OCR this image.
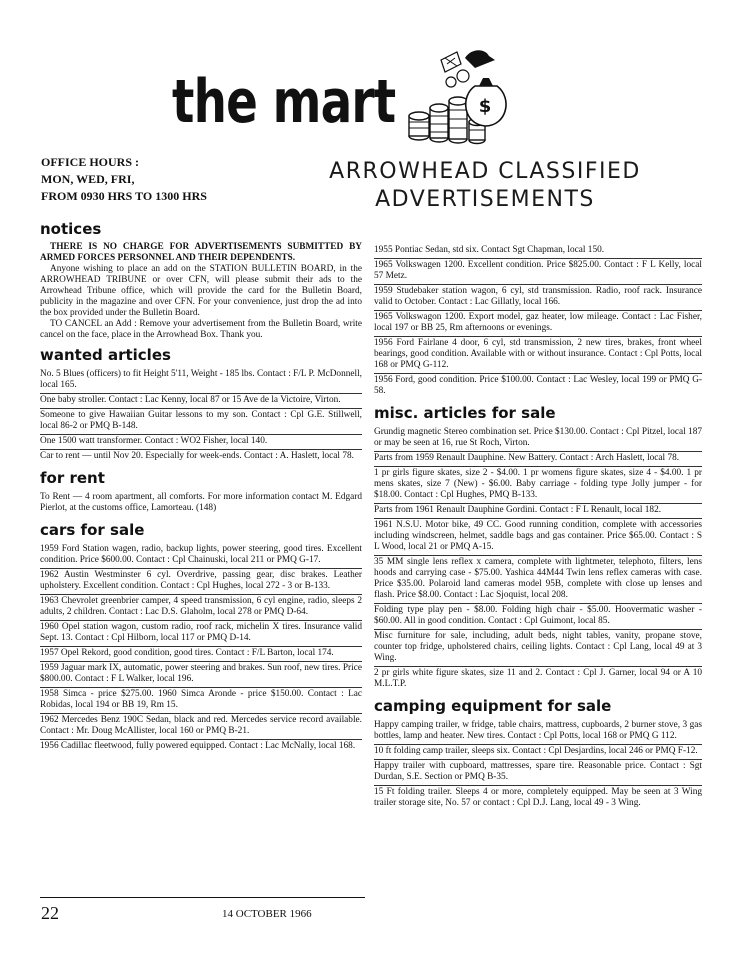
the mart	$
OFFICE HOURS :
MON, WED, FRI,
FROM 0930 HRS TO 1300 HRS
ARROWHEAD CLASSIFIED
ADVERTISEMENTS
notices

THERE IS NO CHARGE FOR ADVERTISEMENTS SUBMITTED BY ARMED FORCES PERSONNEL AND THEIR DEPENDENTS.

Anyone wishing to place an add on the STATION BULLETIN BOARD, in the ARROWHEAD TRIBUNE or over CFN, will please submit their ads to the Arrowhead Tribune office, which will provide the card for the Bulletin Board, publicity in the magazine and over CFN. For your convenience, just drop the ad into the box provided under the Bulletin Board.

TO CANCEL an Add : Remove your advertisement from the Bulletin Board, write cancel on the face, place in the Arrowhead Box. Thank you.

wanted articles
No. 5 Blues (officers) to fit Height 5'11, Weight - 185 lbs. Contact : F/L P. McDonnell, local 165.
One baby stroller. Contact : Lac Kenny, local 87 or 15 Ave de la Victoire, Virton.
Someone to give Hawaiian Guitar lessons to my son. Contact : Cpl G.E. Stillwell, local 86-2 or PMQ B-148.
One 1500 watt transformer. Contact : WO2 Fisher, local 140.
Car to rent — until Nov 20. Especially for week-ends. Contact : A. Haslett, local 78.
for rent
To Rent — 4 room apartment, all comforts. For more information contact M. Edgard Pierlot, at the customs office, Lamorteau. (148)
cars for sale
1959 Ford Station wagen, radio, backup lights, power steering, good tires. Excellent condition. Price $600.00. Contact : Cpl Chainuski, local 211 or PMQ G-17.
1962 Austin Westminster 6 cyl. Overdrive, passing gear, disc brakes. Leather upholstery. Excellent condition. Contact : Cpl Hughes, local 272 - 3 or B-133.
1963 Chevrolet greenbrier camper, 4 speed transmission, 6 cyl engine, radio, sleeps 2 adults, 2 children. Contact : Lac D.S. Glaholm, local 278 or PMQ D-64.
1960 Opel station wagon, custom radio, roof rack, michelin X tires. Insurance valid Sept. 13. Contact : Cpl Hilborn, local 117 or PMQ D-14.
1957 Opel Rekord, good condition, good tires. Contact : F/L Barton, local 174.
1959 Jaguar mark IX, automatic, power steering and brakes. Sun roof, new tires. Price $800.00. Contact : F L Walker, local 196.
1958 Simca - price $275.00. 1960 Simca Aronde - price $150.00. Contact : Lac Robidas, local 194 or BB 19, Rm 15.
1962 Mercedes Benz 190C Sedan, black and red. Mercedes service record available. Contact : Mr. Doug McAllister, local 160 or PMQ B-21.
1956 Cadillac fleetwood, fully powered equipped. Contact : Lac McNally, local 168.
1955 Pontiac Sedan, std six. Contact Sgt Chapman, local 150.
1965 Volkswagen 1200. Excellent condition. Price $825.00. Contact : F L Kelly, local 57 Metz.
1959 Studebaker station wagon, 6 cyl, std transmission. Radio, roof rack. Insurance valid to October. Contact : Lac Gillatly, local 166.
1965 Volkswagon 1200. Export model, gaz heater, low mileage. Contact : Lac Fisher, local 197 or BB 25, Rm afternoons or evenings.
1956 Ford Fairlane 4 door, 6 cyl, std transmission, 2 new tires, brakes, front wheel bearings, good condition. Available with or without insurance. Contact : Cpl Potts, local 168 or PMQ G-112.
1956 Ford, good condition. Price $100.00. Contact : Lac Wesley, local 199 or PMQ G-58.
misc. articles for sale
Grundig magnetic Stereo combination set. Price $130.00. Contact : Cpl Pitzel, local 187 or may be seen at 16, rue St Roch, Virton.
Parts from 1959 Renault Dauphine. New Battery. Contact : Arch Haslett, local 78.
1 pr girls figure skates, size 2 - $4.00. 1 pr womens figure skates, size 4 - $4.00. 1 pr mens skates, size 7 (New) - $6.00. Baby carriage - folding type Jolly jumper - for $18.00. Contact : Cpl Hughes, PMQ B-133.
Parts from 1961 Renault Dauphine Gordini. Contact : F L Renault, local 182.
1961 N.S.U. Motor bike, 49 CC. Good running condition, complete with accessories including windscreen, helmet, saddle bags and gas container. Price $65.00. Contact : S L Wood, local 21 or PMQ A-15.
35 MM single lens reflex x camera, complete with lightmeter, telephoto, filters, lens hoods and carrying case - $75.00. Yashica 44M44 Twin lens reflex cameras with case. Price $35.00. Polaroid land cameras model 95B, complete with close up lenses and flash. Price $8.00. Contact : Lac Sjoquist, local 208.
Folding type play pen - $8.00. Folding high chair - $5.00. Hoovermatic washer - $60.00. All in good condition. Contact : Cpl Guimont, local 85.
Misc furniture for sale, including, adult beds, night tables, vanity, propane stove, counter top fridge, upholstered chairs, ceiling lights. Contact : Cpl Lang, local 49 at 3 Wing.
2 pr girls white figure skates, size 11 and 2. Contact : Cpl J. Garner, local 94 or A 10 M.L.T.P.
camping equipment for sale
Happy camping trailer, w fridge, table chairs, mattress, cupboards, 2 burner stove, 3 gas bottles, lamp and heater. New tires. Contact : Cpl Potts, local 168 or PMQ G 112.
10 ft folding camp trailer, sleeps six. Contact : Cpl Desjardins, local 246 or PMQ F-12.
Happy trailer with cupboard, mattresses, spare tire. Reasonable price. Contact : Sgt Durdan, S.E. Section or PMQ B-35.
15 Ft folding trailer. Sleeps 4 or more, completely equipped. May be seen at 3 Wing trailer storage site, No. 57 or contact : Cpl D.J. Lang, local 49 - 3 Wing.
22	14 OCTOBER 1966
